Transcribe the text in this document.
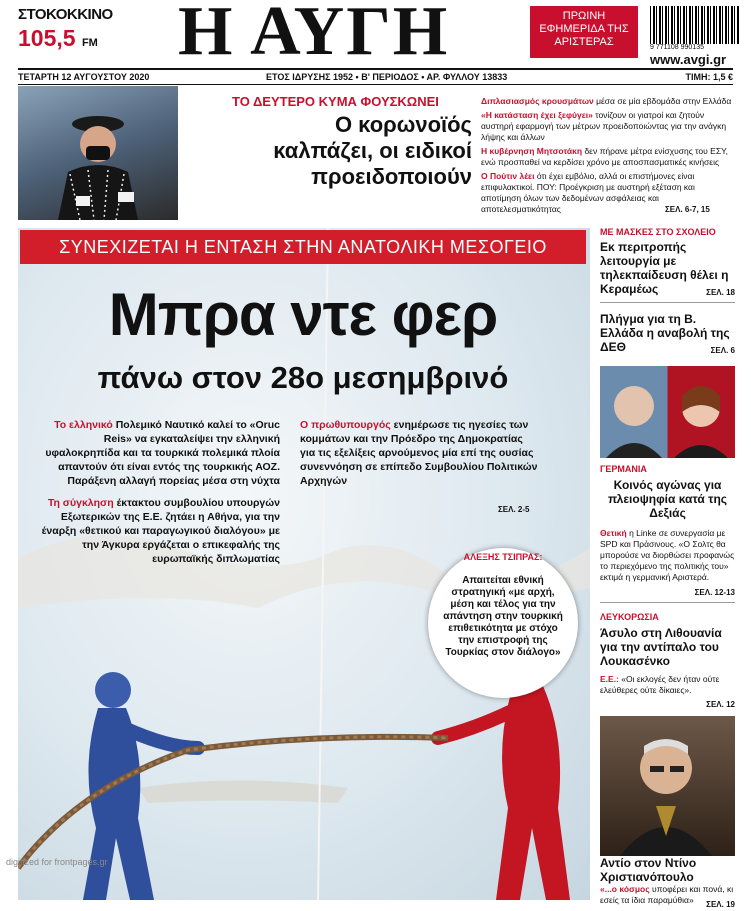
ΣΤΟΚΟΚΚΙΝΟ
105,5 FM	Η ΑΥΓΗ	ΠΡΩΙΝΗ ΕΦΗΜΕΡΙΔΑ ΤΗΣ ΑΡΙΣΤΕΡΑΣ	9 771108 990135
www.avgi.gr
ΤΕΤΑΡΤΗ 12 ΑΥΓΟΥΣΤΟΥ 2020	ΕΤΟΣ ΙΔΡΥΣΗΣ 1952 • Β' ΠΕΡΙΟΔΟΣ • ΑΡ. ΦΥΛΛΟΥ 13833	ΤΙΜΗ: 1,5 €
ΤΟ ΔΕΥΤΕΡΟ ΚΥΜΑ ΦΟΥΣΚΩΝΕΙ
Ο κορωνοϊός καλπάζει, οι ειδικοί προειδοποιούν

Διπλασιασμός κρουσμάτων μέσα σε μία εβδομάδα στην Ελλάδα

«Η κατάσταση έχει ξεφύγει» τονίζουν οι γιατροί και ζητούν αυστηρή εφαρμογή των μέτρων προειδοποιώντας για την ανάγκη λήψης και άλλων

Η κυβέρνηση Μητσοτάκη δεν πήρανε μέτρα ενίσχυσης του ΕΣΥ, ενώ προσπαθεί να κερδίσει χρόνο με αποσπασματικές κινήσεις

Ο Πούτιν λέει ότι έχει εμβόλιο, αλλά οι επιστήμονες είναι επιφυλακτικοί. ΠΟΥ: Προέγκριση με αυστηρή εξέταση και αποτίμηση όλων των δεδομένων ασφάλειας και αποτελεσματικότητας	ΣΕΛ. 6-7, 15
ΣΥΝΕΧΙΖΕΤΑΙ Η ΕΝΤΑΣΗ ΣΤΗΝ ΑΝΑΤΟΛΙΚΗ ΜΕΣΟΓΕΙΟ
Μπρα ντε φερ
πάνω στον 28ο μεσημβρινό

Το ελληνικό Πολεμικό Ναυτικό καλεί το «Oruc Reis» να εγκαταλείψει την ελληνική υφαλοκρηπίδα και τα τουρκικά πολεμικά πλοία απαντούν ότι είναι εντός της τουρκικής ΑΟΖ. Παράξενη αλλαγή πορείας μέσα στη νύχτα

Τη σύγκληση έκτακτου συμβουλίου υπουργών Εξωτερικών της Ε.Ε. ζητάει η Αθήνα, για την έναρξη «θετικού και παραγωγικού διαλόγου» με την Άγκυρα εργάζεται ο επικεφαλής της ευρωπαϊκής διπλωματίας

Ο πρωθυπουργός ενημέρωσε τις ηγεσίες των κομμάτων και την Πρόεδρο της Δημοκρατίας για τις εξελίξεις αρνούμενος μία επί της ουσίας συνεννόηση σε επίπεδο Συμβουλίου Πολιτικών Αρχηγών
ΣΕΛ. 2-5
ΑΛΕΞΗΣ ΤΣΙΠΡΑΣ:
Απαιτείται εθνική στρατηγική «με αρχή, μέση και τέλος για την απάντηση στην τουρκική επιθετικότητα με στόχο την επιστροφή της Τουρκίας στον διάλογο»
ΜΕ ΜΑΣΚΕΣ ΣΤΟ ΣΧΟΛΕΙΟ
Εκ περιτροπής λειτουργία με τηλεκπαίδευση θέλει η Κεραμέως	ΣΕΛ. 18
Πλήγμα για τη Β. Ελλάδα η αναβολή της ΔΕΘ	ΣΕΛ. 6
ΓΕΡΜΑΝΙΑ
Κοινός αγώνας για πλειοψηφία κατά της Δεξιάς
Θετική η Linke σε συνεργασία με SPD και Πράσινους. «Ο Σολτς θα μπορούσε να διορθώσει προφανώς το περιεχόμενο της πολιτικής του» εκτιμά η γερμανική Αριστερά.
ΣΕΛ. 12-13
ΛΕΥΚΟΡΩΣΙΑ
Άσυλο στη Λιθουανία για την αντίπαλο του Λουκασένκο
Ε.Ε.: «Οι εκλογές δεν ήταν ούτε ελεύθερες ούτε δίκαιες».
ΣΕΛ. 12
Αντίο στον Ντίνο Χριστιανόπουλο
«...ο κόσμος υποφέρει και πονά, κι εσείς τα ίδια παραμύθια»	ΣΕΛ. 19
digitized for frontpages.gr
